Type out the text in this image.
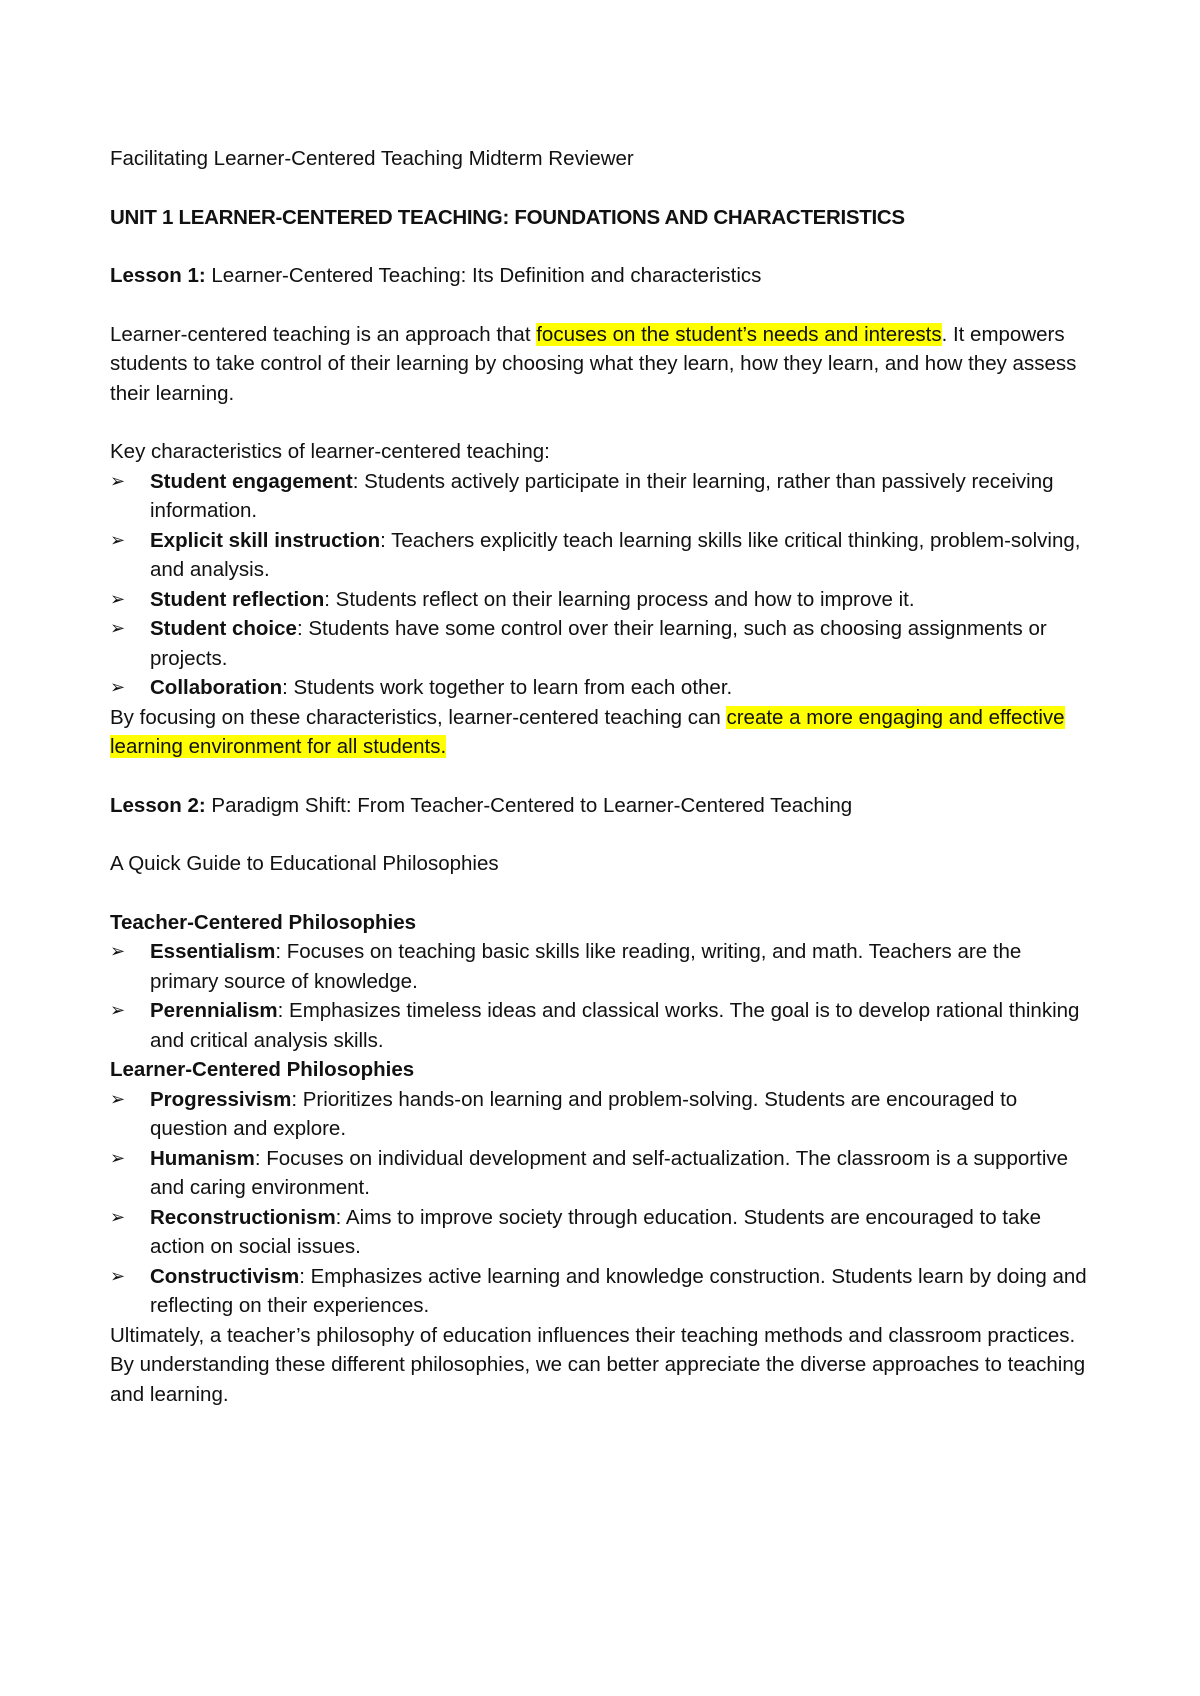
Facilitating Learner-Centered Teaching Midterm Reviewer

UNIT 1 LEARNER-CENTERED TEACHING: FOUNDATIONS AND CHARACTERISTICS

Lesson 1: Learner-Centered Teaching: Its Definition and characteristics

Learner-centered teaching is an approach that focuses on the student’s needs and interests. It empowers students to take control of their learning by choosing what they learn, how they learn, and how they assess their learning.

Key characteristics of learner-centered teaching:

➢	Student engagement: Students actively participate in their learning, rather than passively receiving information.
➢	Explicit skill instruction: Teachers explicitly teach learning skills like critical thinking, problem-solving, and analysis.
➢	Student reflection: Students reflect on their learning process and how to improve it.
➢	Student choice: Students have some control over their learning, such as choosing assignments or projects.
➢	Collaboration: Students work together to learn from each other.

By focusing on these characteristics, learner-centered teaching can create a more engaging and effective learning environment for all students.

Lesson 2: Paradigm Shift: From Teacher-Centered to Learner-Centered Teaching

A Quick Guide to Educational Philosophies

Teacher-Centered Philosophies

➢	Essentialism: Focuses on teaching basic skills like reading, writing, and math. Teachers are the primary source of knowledge.
➢	Perennialism: Emphasizes timeless ideas and classical works. The goal is to develop rational thinking and critical analysis skills.

Learner-Centered Philosophies

➢	Progressivism: Prioritizes hands-on learning and problem-solving. Students are encouraged to question and explore.
➢	Humanism: Focuses on individual development and self-actualization. The classroom is a supportive and caring environment.
➢	Reconstructionism: Aims to improve society through education. Students are encouraged to take action on social issues.
➢	Constructivism: Emphasizes active learning and knowledge construction. Students learn by doing and reflecting on their experiences.

Ultimately, a teacher’s philosophy of education influences their teaching methods and classroom practices. By understanding these different philosophies, we can better appreciate the diverse approaches to teaching and learning.
